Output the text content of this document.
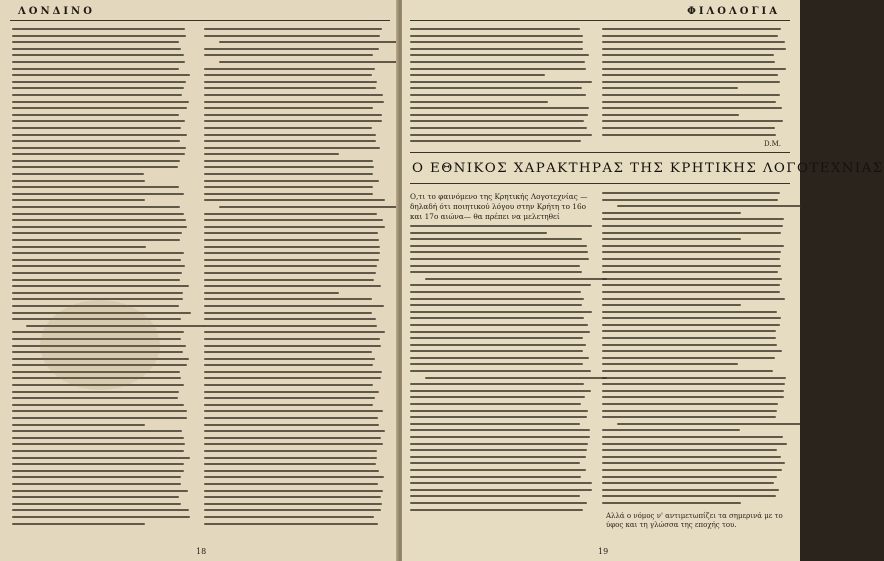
ΛΟΝΔΙΝΟ
18
ΦΙΛΟΛΟΓΙΑ
Ο ΕΘΝΙΚΟΣ ΧΑΡΑΚΤΗΡΑΣ ΤΗΣ ΚΡΗΤΙΚΗΣ ΛΟΓΟΤΕΧΝΙΑΣ
Ο,τι το φαινόμενο της Κρητικής Λογοτεχνίας —δηλαδή ότι ποιητικού λόγου στην Κρήτη το 16ο και 17ο αιώνα— θα πρέπει να μελετηθεί
Αλλά ο νόμος ν' αντιμετωπίζει τα σημερινά με το ύφος και τη γλώσσα της εποχής του.
D.M.
19
